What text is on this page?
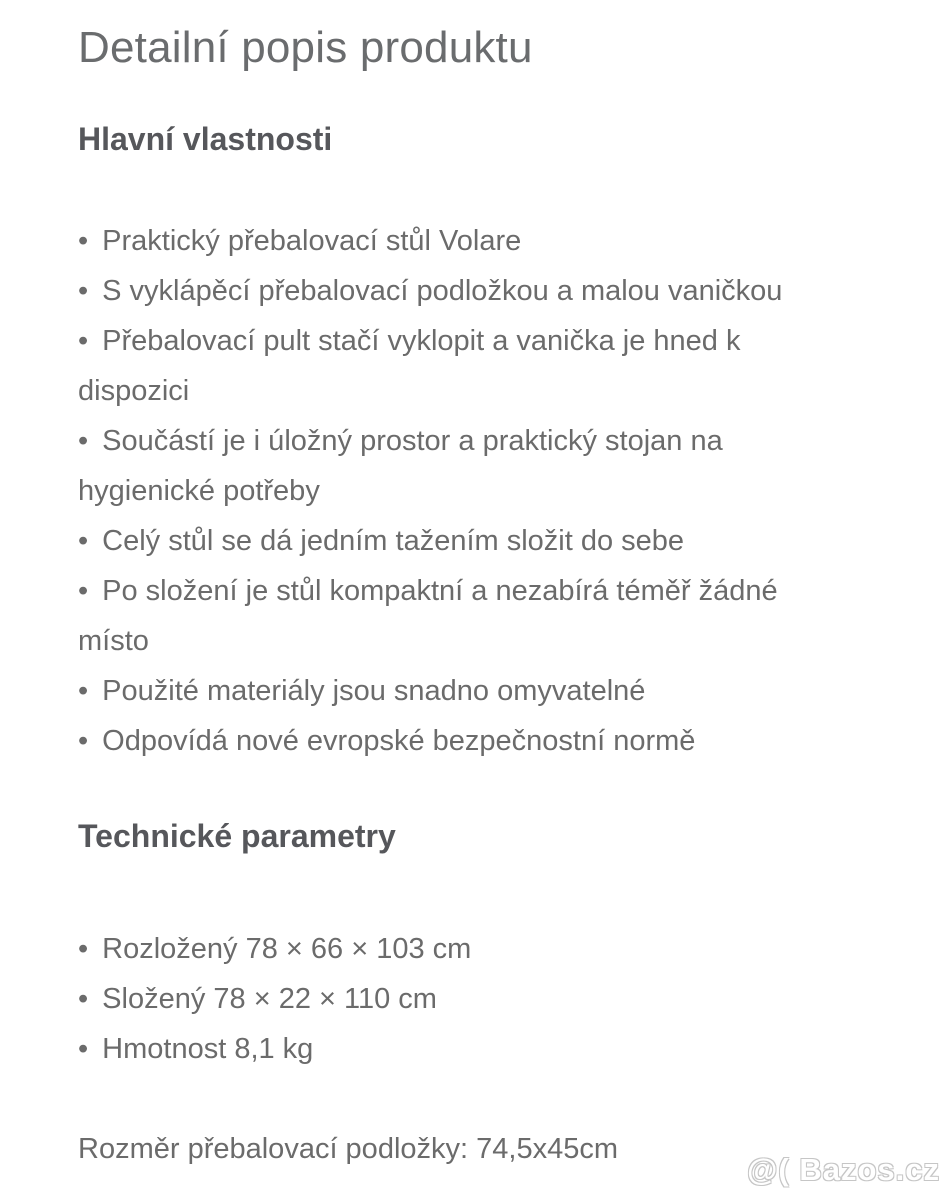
Detailní popis produktu
Hlavní vlastnosti
• Praktický přebalovací stůl Volare
• S vyklápěcí přebalovací podložkou a malou vaničkou
• Přebalovací pult stačí vyklopit a vanička je hned k dispozici
• Součástí je i úložný prostor a praktický stojan na hygienické potřeby
• Celý stůl se dá jedním tažením složit do sebe
• Po složení je stůl kompaktní a nezabírá téměř žádné místo
• Použité materiály jsou snadno omyvatelné
• Odpovídá nové evropské bezpečnostní normě
Technické parametry
• Rozložený 78 × 66 × 103 cm
• Složený 78 × 22 × 110 cm
• Hmotnost 8,1 kg

Rozměr přebalovací podložky: 74,5x45cm

@( Bazos.cz
